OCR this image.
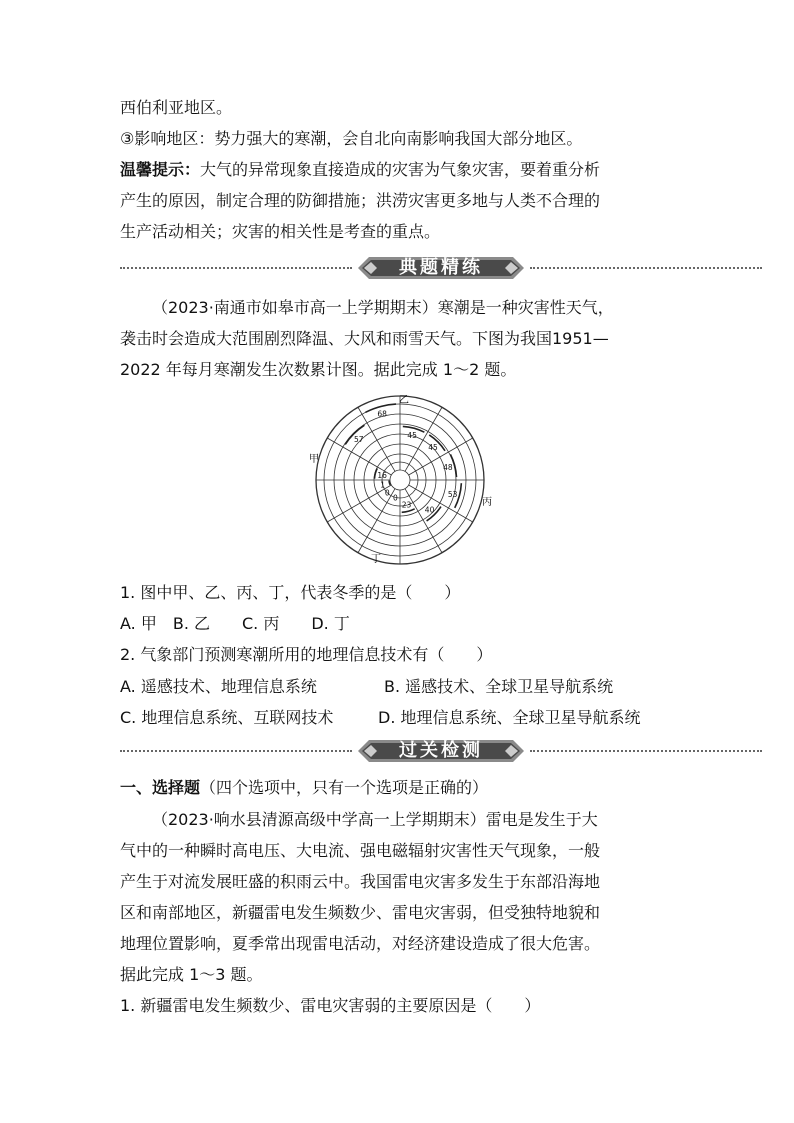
西伯利亚地区。
③影响地区：势力强大的寒潮，会自北向南影响我国大部分地区。
温馨提示：大气的异常现象直接造成的灾害为气象灾害，要着重分析
产生的原因，制定合理的防御措施；洪涝灾害更多地与人类不合理的
生产活动相关；灾害的相关性是考查的重点。
典题精练
（2023·南通市如皋市高一上学期期末）寒潮是一种灾害性天气，
袭击时会造成大范围剧烈降温、大风和雨雪天气。下图为我国1951—
2022 年每月寒潮发生次数累计图。据此完成 1～2 题。
45
45
48
53
40
23
0
0
1
16
57
68
乙
甲
丙
丁
1. 图中甲、乙、丙、丁，代表冬季的是（　　）
A. 甲　B. 乙　　C. 丙　　D. 丁
2. 气象部门预测寒潮所用的地理信息技术有（　　）
A. 遥感技术、地理信息系统	B. 遥感技术、全球卫星导航系统
C. 地理信息系统、互联网技术	D. 地理信息系统、全球卫星导航系统
过关检测
一、选择题（四个选项中，只有一个选项是正确的）
（2023·响水县清源高级中学高一上学期期末）雷电是发生于大
气中的一种瞬时高电压、大电流、强电磁辐射灾害性天气现象，一般
产生于对流发展旺盛的积雨云中。我国雷电灾害多发生于东部沿海地
区和南部地区，新疆雷电发生频数少、雷电灾害弱，但受独特地貌和
地理位置影响，夏季常出现雷电活动，对经济建设造成了很大危害。
据此完成 1～3 题。
1. 新疆雷电发生频数少、雷电灾害弱的主要原因是（　　）
